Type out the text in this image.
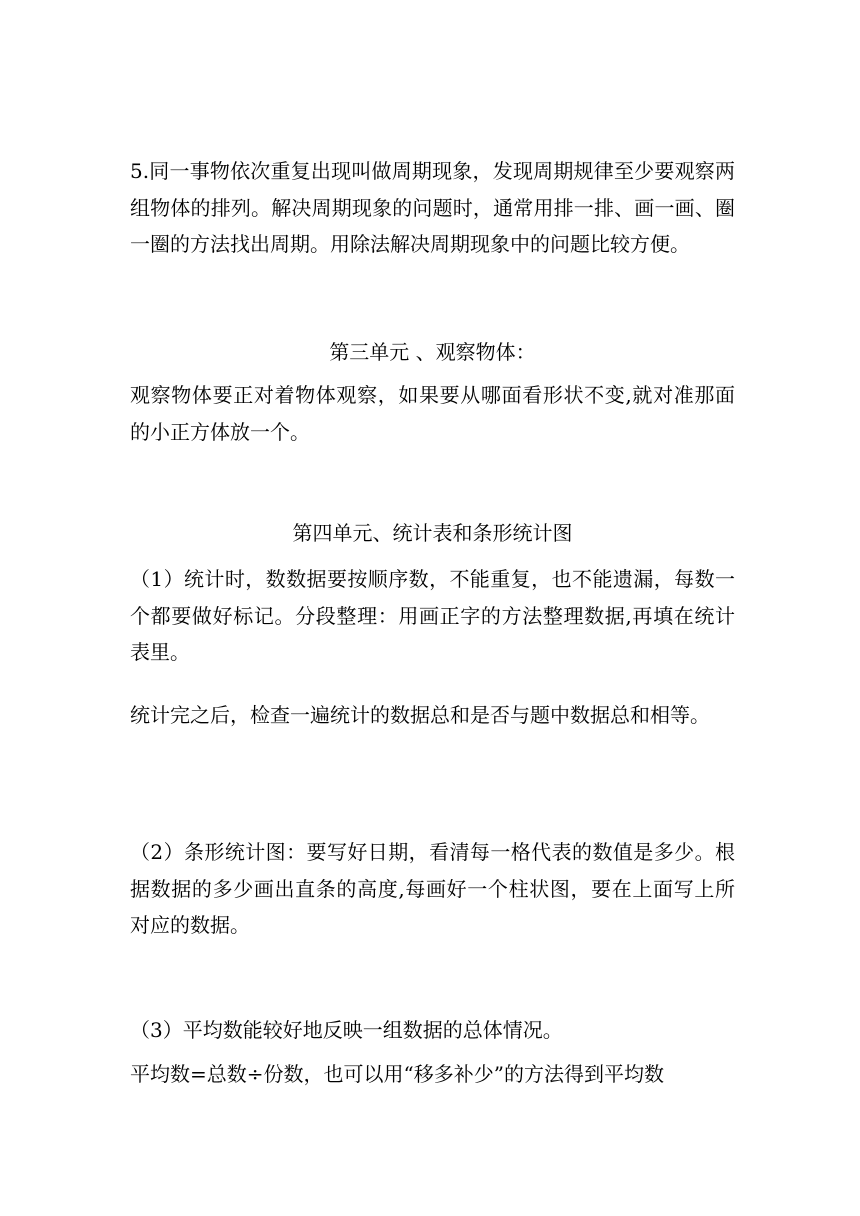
5.同一事物依次重复出现叫做周期现象，发现周期规律至少要观察两组物体的排列。解决周期现象的问题时，通常用排一排、画一画、圈一圈的方法找出周期。用除法解决周期现象中的问题比较方便。

第三单元 、观察物体：

观察物体要正对着物体观察，如果要从哪面看形状不变,就对准那面的小正方体放一个。

第四单元、统计表和条形统计图

（1）统计时，数数据要按顺序数，不能重复，也不能遗漏，每数一个都要做好标记。分段整理：用画正字的方法整理数据,再填在统计表里。

统计完之后，检查一遍统计的数据总和是否与题中数据总和相等。

（2）条形统计图：要写好日期，看清每一格代表的数值是多少。根据数据的多少画出直条的高度,每画好一个柱状图，要在上面写上所对应的数据。

（3）平均数能较好地反映一组数据的总体情况。

平均数=总数÷份数，也可以用“移多补少”的方法得到平均数
